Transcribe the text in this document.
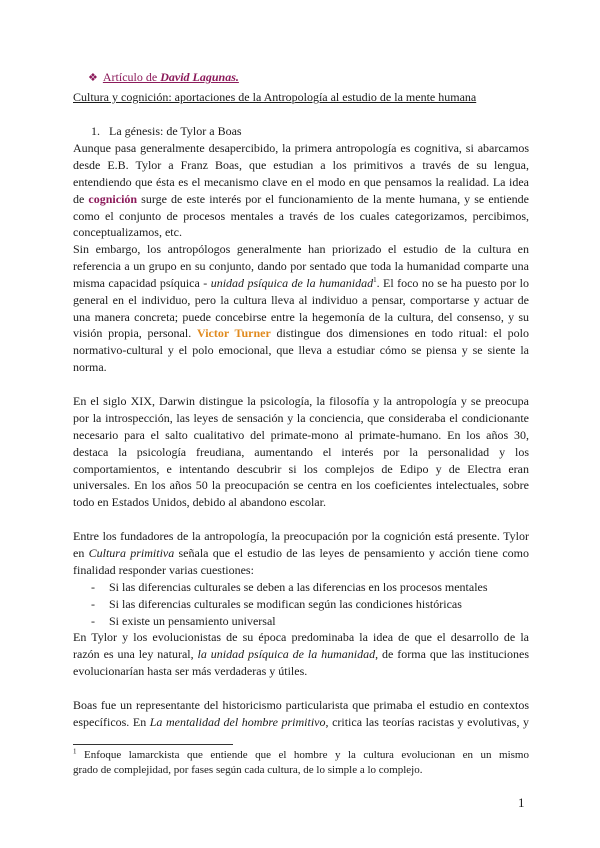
❖ Artículo de David Lagunas.
Cultura y cognición: aportaciones de la Antropología al estudio de la mente humana
1. La génesis: de Tylor a Boas
Aunque pasa generalmente desapercibido, la primera antropología es cognitiva, si abarcamos
desde E.B. Tylor a Franz Boas, que estudian a los primitivos a través de su lengua,
entendiendo que ésta es el mecanismo clave en el modo en que pensamos la realidad. La idea
de cognición surge de este interés por el funcionamiento de la mente humana, y se entiende
como el conjunto de procesos mentales a través de los cuales categorizamos, percibimos,
conceptualizamos, etc.
Sin embargo, los antropólogos generalmente han priorizado el estudio de la cultura en
referencia a un grupo en su conjunto, dando por sentado que toda la humanidad comparte una
misma capacidad psíquica - unidad psíquica de la humanidad$^1$. El foco no se ha puesto por lo
general en el individuo, pero la cultura lleva al individuo a pensar, comportarse y actuar de
una manera concreta; puede concebirse entre la hegemonía de la cultura, del consenso, y su
visión propia, personal. Victor Turner distingue dos dimensiones en todo ritual: el polo
normativo-cultural y el polo emocional, que lleva a estudiar cómo se piensa y se siente la
norma.
En el siglo XIX, Darwin distingue la psicología, la filosofía y la antropología y se preocupa
por la introspección, las leyes de sensación y la conciencia, que consideraba el condicionante
necesario para el salto cualitativo del primate-mono al primate-humano. En los años 30,
destaca la psicología freudiana, aumentando el interés por la personalidad y los
comportamientos, e intentando descubrir si los complejos de Edipo y de Electra eran
universales. En los años 50 la preocupación se centra en los coeficientes intelectuales, sobre
todo en Estados Unidos, debido al abandono escolar.
Entre los fundadores de la antropología, la preocupación por la cognición está presente. Tylor
en Cultura primitiva señala que el estudio de las leyes de pensamiento y acción tiene como
finalidad responder varias cuestiones:
- Si las diferencias culturales se deben a las diferencias en los procesos mentales
- Si las diferencias culturales se modifican según las condiciones históricas
- Si existe un pensamiento universal
En Tylor y los evolucionistas de su época predominaba la idea de que el desarrollo de la
razón es una ley natural, la unidad psíquica de la humanidad, de forma que las instituciones
evolucionarían hasta ser más verdaderas y útiles.
Boas fue un representante del historicismo particularista que primaba el estudio en contextos
específicos. En La mentalidad del hombre primitivo, critica las teorías racistas y evolutivas, y
$^1$ Enfoque lamarckista que entiende que el hombre y la cultura evolucionan en un mismo
grado de complejidad, por fases según cada cultura, de lo simple a lo complejo.
1
